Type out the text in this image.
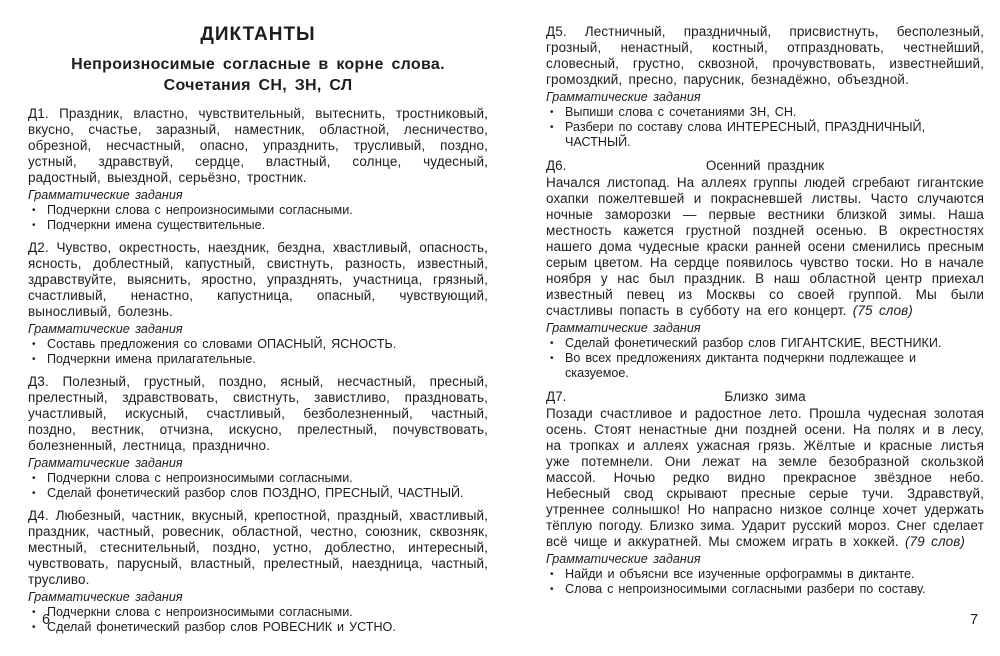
ДИКТАНТЫ
Непроизносимые согласные в корне слова.
Сочетания СН, ЗН, СЛ

Д1. Праздник, властно, чувствительный, вытеснить, тростниковый, вкусно, счастье, заразный, наместник, областной, лесничество, обрезной, несчастный, опасно, упразднить, трусливый, поздно, устный, здравствуй, сердце, властный, солнце, чудесный, радостный, выездной, серьёзно, тростник.

Грамматические задания
• Подчеркни слова с непроизносимыми согласными.
• Подчеркни имена существительные.

Д2. Чувство, окрестность, наездник, бездна, хвастливый, опасность, ясность, доблестный, капустный, свистнуть, разность, известный, здравствуйте, выяснить, яростно, упразднять, участница, грязный, счастливый, ненастно, капустница, опасный, чувствующий, выносливый, болезнь.

Грамматические задания
• Составь предложения со словами ОПАСНЫЙ, ЯСНОСТЬ.
• Подчеркни имена прилагательные.

Д3. Полезный, грустный, поздно, ясный, несчастный, пресный, прелестный, здравствовать, свистнуть, завистливо, праздновать, участливый, искусный, счастливый, безболезненный, частный, поздно, вестник, отчизна, искусно, прелестный, почувствовать, болезненный, лестница, празднично.

Грамматические задания
• Подчеркни слова с непроизносимыми согласными.
• Сделай фонетический разбор слов ПОЗДНО, ПРЕСНЫЙ, ЧАСТНЫЙ.

Д4. Любезный, частник, вкусный, крепостной, праздный, хвастливый, праздник, частный, ровесник, областной, честно, союзник, сквозняк, местный, стеснительный, поздно, устно, доблестно, интересный, чувствовать, парусный, властный, прелестный, наездница, частный, трусливо.

Грамматические задания
• Подчеркни слова с непроизносимыми согласными.
• Сделай фонетический разбор слов РОВЕСНИК и УСТНО.

Д5. Лестничный, праздничный, присвистнуть, бесполезный, грозный, ненастный, костный, отпраздновать, честнейший, словесный, грустно, сквозной, прочувствовать, известнейший, громоздкий, пресно, парусник, безнадёжно, объездной.

Грамматические задания
• Выпиши слова с сочетаниями ЗН, СН.
• Разбери по составу слова ИНТЕРЕСНЫЙ, ПРАЗДНИЧНЫЙ, ЧАСТНЫЙ.
Д6.	Осенний праздник

Начался листопад. На аллеях группы людей сгребают гигантские охапки пожелтевшей и покрасневшей листвы. Часто случаются ночные заморозки — первые вестники близкой зимы. Наша местность кажется грустной поздней осенью. В окрестностях нашего дома чудесные краски ранней осени сменились пресным серым цветом. На сердце появилось чувство тоски. Но в начале ноября у нас был праздник. В наш областной центр приехал известный певец из Москвы со своей группой. Мы были счастливы попасть в субботу на его концерт. (75 слов)

Грамматические задания
• Сделай фонетический разбор слов ГИГАНТСКИЕ, ВЕСТНИКИ.
• Во всех предложениях диктанта подчеркни подлежащее и сказуемое.
Д7.	Близко зима

Позади счастливое и радостное лето. Прошла чудесная золотая осень. Стоят ненастные дни поздней осени. На полях и в лесу, на тропках и аллеях ужасная грязь. Жёлтые и красные листья уже потемнели. Они лежат на земле безобразной скользкой массой. Ночью редко видно прекрасное звёздное небо. Небесный свод скрывают пресные серые тучи. Здравствуй, утреннее солнышко! Но напрасно низкое солнце хочет удержать тёплую погоду. Близко зима. Ударит русский мороз. Снег сделает всё чище и аккуратней. Мы сможем играть в хоккей. (79 слов)

Грамматические задания
• Найди и объясни все изученные орфограммы в диктанте.
• Слова с непроизносимыми согласными разбери по составу.
6	7
